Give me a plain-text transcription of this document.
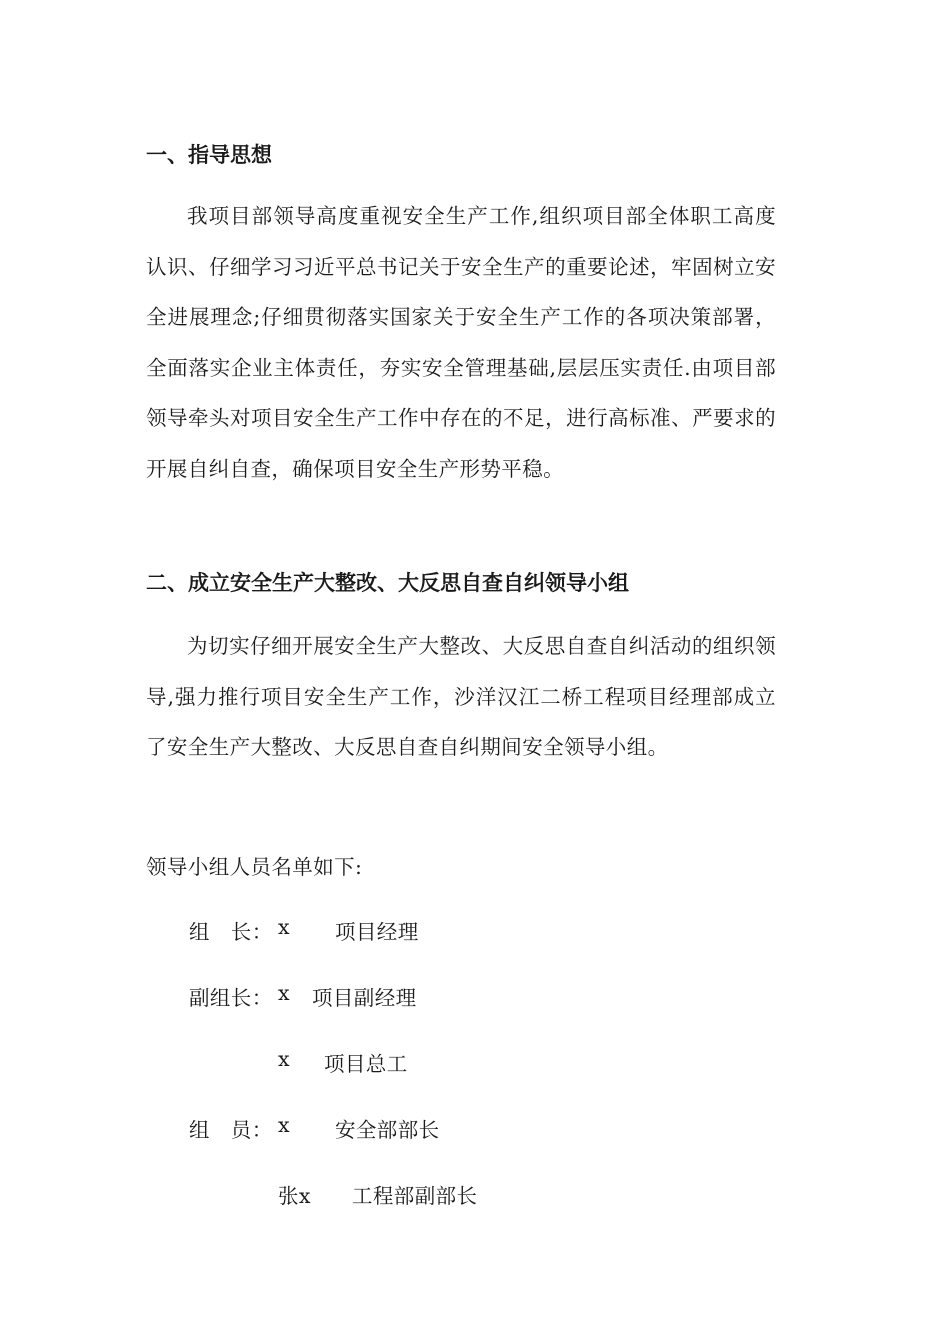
一、指导思想

我项目部领导高度重视安全生产工作,组织项目部全体职工高度认识、仔细学习习近平总书记关于安全生产的重要论述，牢固树立安全进展理念;仔细贯彻落实国家关于安全生产工作的各项决策部署，全面落实企业主体责任，夯实安全管理基础,层层压实责任.由项目部领导牵头对项目安全生产工作中存在的不足，进行高标准、严要求的开展自纠自查，确保项目安全生产形势平稳。

二、成立安全生产大整改、大反思自查自纠领导小组

为切实仔细开展安全生产大整改、大反思自查自纠活动的组织领导,强力推行项目安全生产工作，沙洋汉江二桥工程项目经理部成立了安全生产大整改、大反思自查自纠期间安全领导小组。

领导小组人员名单如下:
组　长： x 项目经理
副组长： x 项目副经理
x 项目总工
组　员： x 安全部部长
张x 工程部副部长
